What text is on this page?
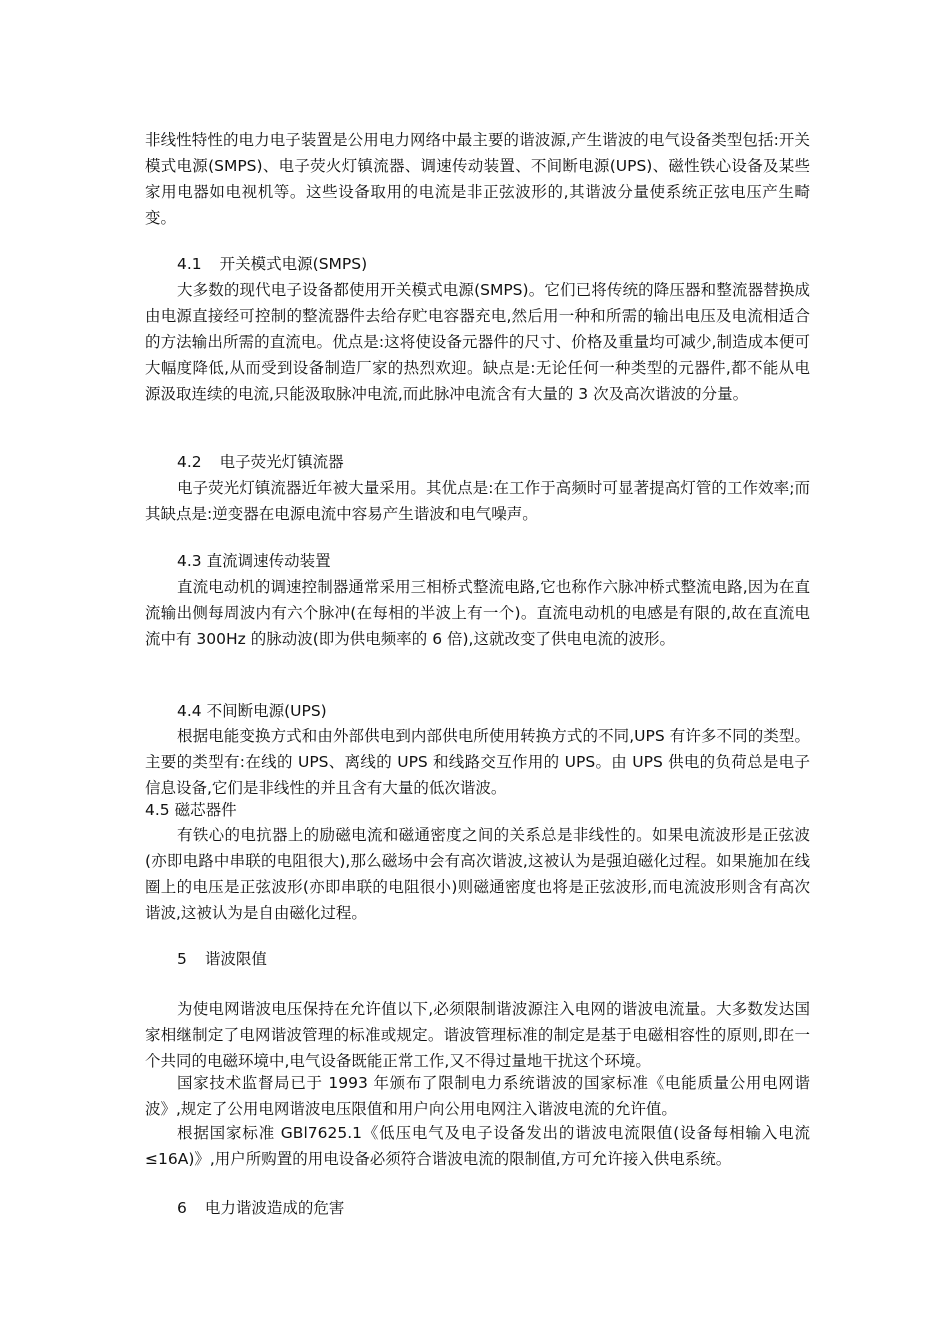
非线性特性的电力电子装置是公用电力网络中最主要的谐波源,产生谐波的电气设备类型包括:开关模式电源(SMPS)、电子荧火灯镇流器、调速传动装置、不间断电源(UPS)、磁性铁心设备及某些家用电器如电视机等。这些设备取用的电流是非正弦波形的,其谐波分量使系统正弦电压产生畸变。

4.1 开关模式电源(SMPS)

大多数的现代电子设备都使用开关模式电源(SMPS)。它们已将传统的降压器和整流器替换成由电源直接经可控制的整流器件去给存贮电容器充电,然后用一种和所需的输出电压及电流相适合的方法输出所需的直流电。优点是:这将使设备元器件的尺寸、价格及重量均可减少,制造成本便可大幅度降低,从而受到设备制造厂家的热烈欢迎。缺点是:无论任何一种类型的元器件,都不能从电源汲取连续的电流,只能汲取脉冲电流,而此脉冲电流含有大量的 3 次及高次谐波的分量。

4.2 电子荧光灯镇流器

电子荧光灯镇流器近年被大量采用。其优点是:在工作于高频时可显著提高灯管的工作效率;而其缺点是:逆变器在电源电流中容易产生谐波和电气噪声。

4.3 直流调速传动装置

直流电动机的调速控制器通常采用三相桥式整流电路,它也称作六脉冲桥式整流电路,因为在直流输出侧每周波内有六个脉冲(在每相的半波上有一个)。直流电动机的电感是有限的,故在直流电流中有 300Hz 的脉动波(即为供电频率的 6 倍),这就改变了供电电流的波形。

4.4 不间断电源(UPS)

根据电能变换方式和由外部供电到内部供电所使用转换方式的不同,UPS 有许多不同的类型。主要的类型有:在线的 UPS、离线的 UPS 和线路交互作用的 UPS。由 UPS 供电的负荷总是电子信息设备,它们是非线性的并且含有大量的低次谐波。

4.5 磁芯器件

有铁心的电抗器上的励磁电流和磁通密度之间的关系总是非线性的。如果电流波形是正弦波(亦即电路中串联的电阻很大),那么磁场中会有高次谐波,这被认为是强迫磁化过程。如果施加在线圈上的电压是正弦波形(亦即串联的电阻很小)则磁通密度也将是正弦波形,而电流波形则含有高次谐波,这被认为是自由磁化过程。

5 谐波限值

为使电网谐波电压保持在允许值以下,必须限制谐波源注入电网的谐波电流量。大多数发达国家相继制定了电网谐波管理的标准或规定。谐波管理标准的制定是基于电磁相容性的原则,即在一个共同的电磁环境中,电气设备既能正常工作,又不得过量地干扰这个环境。

国家技术监督局已于 1993 年颁布了限制电力系统谐波的国家标准《电能质量公用电网谐波》,规定了公用电网谐波电压限值和用户向公用电网注入谐波电流的允许值。

根据国家标准 GBl7625.1《低压电气及电子设备发出的谐波电流限值(设备每相输入电流≤16A)》,用户所购置的用电设备必须符合谐波电流的限制值,方可允许接入供电系统。

6 电力谐波造成的危害
